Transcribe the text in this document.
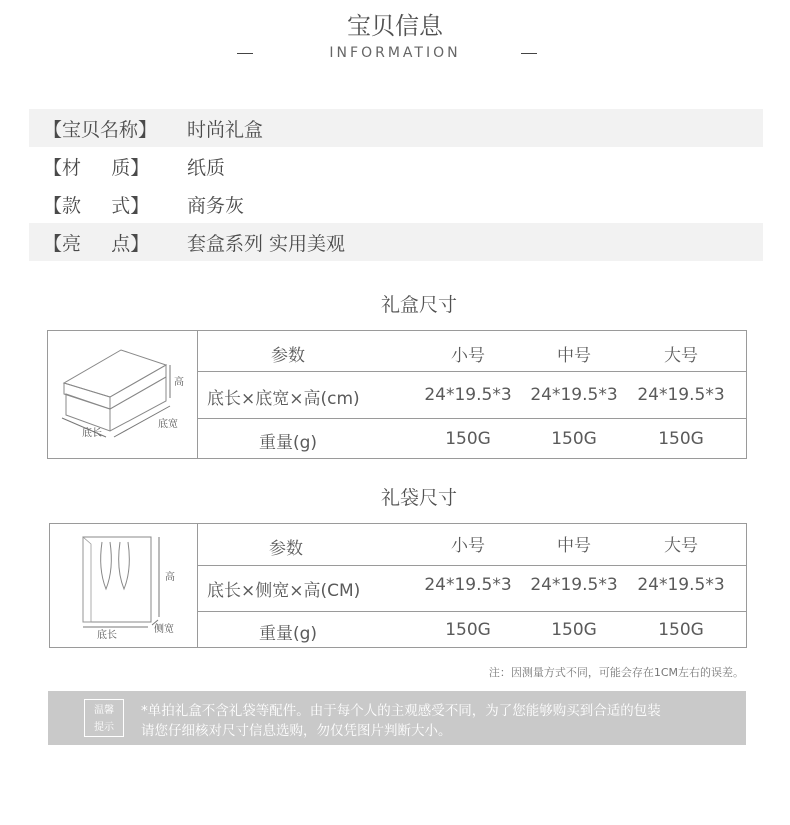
宝贝信息
INFORMATION
【宝贝名称】	时尚礼盒
【材     质】	纸质
【款     式】	商务灰
【亮     点】	套盒系列 实用美观
礼盒尺寸
高
底长
底宽
参数	小号	中号	大号
底长×底宽×高(cm)	24*19.5*3	24*19.5*3	24*19.5*3
重量(g)	150G	150G	150G
礼袋尺寸
高
底长
侧宽
参数	小号	中号	大号
底长×侧宽×高(CM)	24*19.5*3	24*19.5*3	24*19.5*3
重量(g)	150G	150G	150G
注：因测量方式不同，可能会存在1CM左右的误差。
温馨
提示
*单拍礼盒不含礼袋等配件。由于每个人的主观感受不同，为了您能够购买到合适的包装
请您仔细核对尺寸信息选购，勿仅凭图片判断大小。
